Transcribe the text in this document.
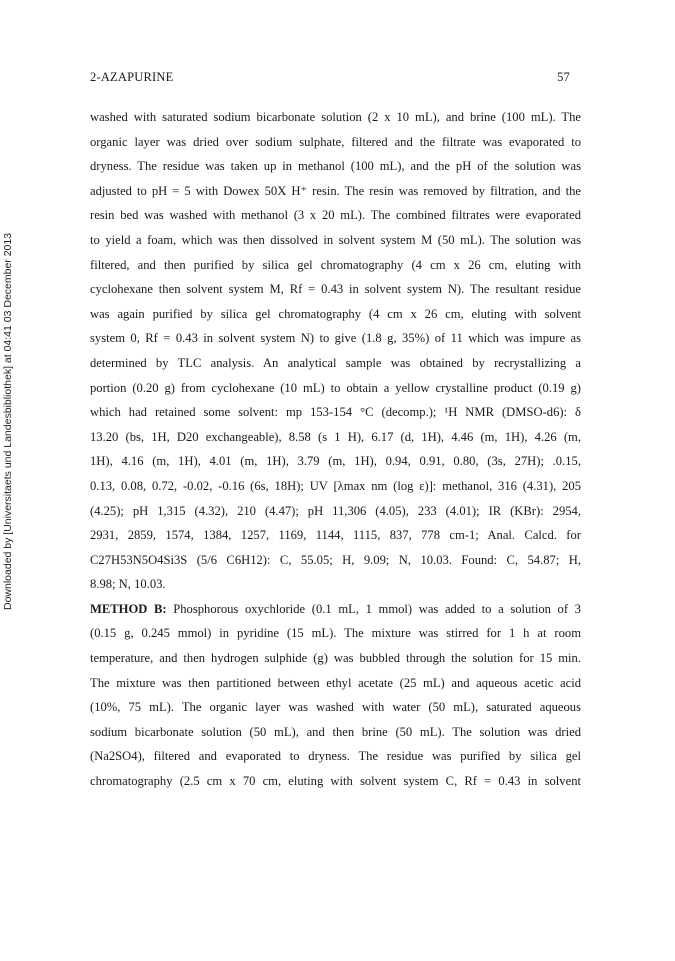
2-AZAPURINE	57
Downloaded by [Universitaets und Landesbibliothek] at 04:41 03 December 2013

washed with saturated sodium bicarbonate solution (2 x 10 mL), and brine (100 mL). The
organic layer was dried over sodium sulphate, filtered and the filtrate was evaporated to
dryness. The residue was taken up in methanol (100 mL), and the pH of the solution was
adjusted to pH = 5 with Dowex 50X H⁺ resin. The resin was removed by filtration, and the
resin bed was washed with methanol (3 x 20 mL). The combined filtrates were evaporated
to yield a foam, which was then dissolved in solvent system M (50 mL). The solution was
filtered, and then purified by silica gel chromatography (4 cm x 26 cm, eluting with
cyclohexane then solvent system M, Rf = 0.43 in solvent system N). The resultant residue
was again purified by silica gel chromatography (4 cm x 26 cm, eluting with solvent
system 0, Rf = 0.43 in solvent system N) to give (1.8 g, 35%) of 11 which was impure as
determined by TLC analysis. An analytical sample was obtained by recrystallizing a
portion (0.20 g) from cyclohexane (10 mL) to obtain a yellow crystalline product (0.19 g)
which had retained some solvent: mp 153-154 °C (decomp.); ¹H NMR (DMSO-d6): δ
13.20 (bs, 1H, D20 exchangeable), 8.58 (s 1 H), 6.17 (d, 1H), 4.46 (m, 1H), 4.26 (m,
1H), 4.16 (m, 1H), 4.01 (m, 1H), 3.79 (m, 1H), 0.94, 0.91, 0.80, (3s, 27H); .0.15,
0.13, 0.08, 0.72, -0.02, -0.16 (6s, 18H); UV [λmax nm (log ε)]: methanol, 316 (4.31), 205
(4.25); pH 1,315 (4.32), 210 (4.47); pH 11,306 (4.05), 233 (4.01); IR (KBr): 2954,
2931, 2859, 1574, 1384, 1257, 1169, 1144, 1115, 837, 778 cm-1; Anal. Calcd. for
C27H53N5O4Si3S (5/6 C6H12): C, 55.05; H, 9.09; N, 10.03. Found: C, 54.87; H,
8.98; N, 10.03.

METHOD B: Phosphorous oxychloride (0.1 mL, 1 mmol) was added to a solution of 3
(0.15 g, 0.245 mmol) in pyridine (15 mL). The mixture was stirred for 1 h at room
temperature, and then hydrogen sulphide (g) was bubbled through the solution for 15 min.
The mixture was then partitioned between ethyl acetate (25 mL) and aqueous acetic acid
(10%, 75 mL). The organic layer was washed with water (50 mL), saturated aqueous
sodium bicarbonate solution (50 mL), and then brine (50 mL). The solution was dried
(Na2SO4), filtered and evaporated to dryness. The residue was purified by silica gel
chromatography (2.5 cm x 70 cm, eluting with solvent system C, Rf = 0.43 in solvent
